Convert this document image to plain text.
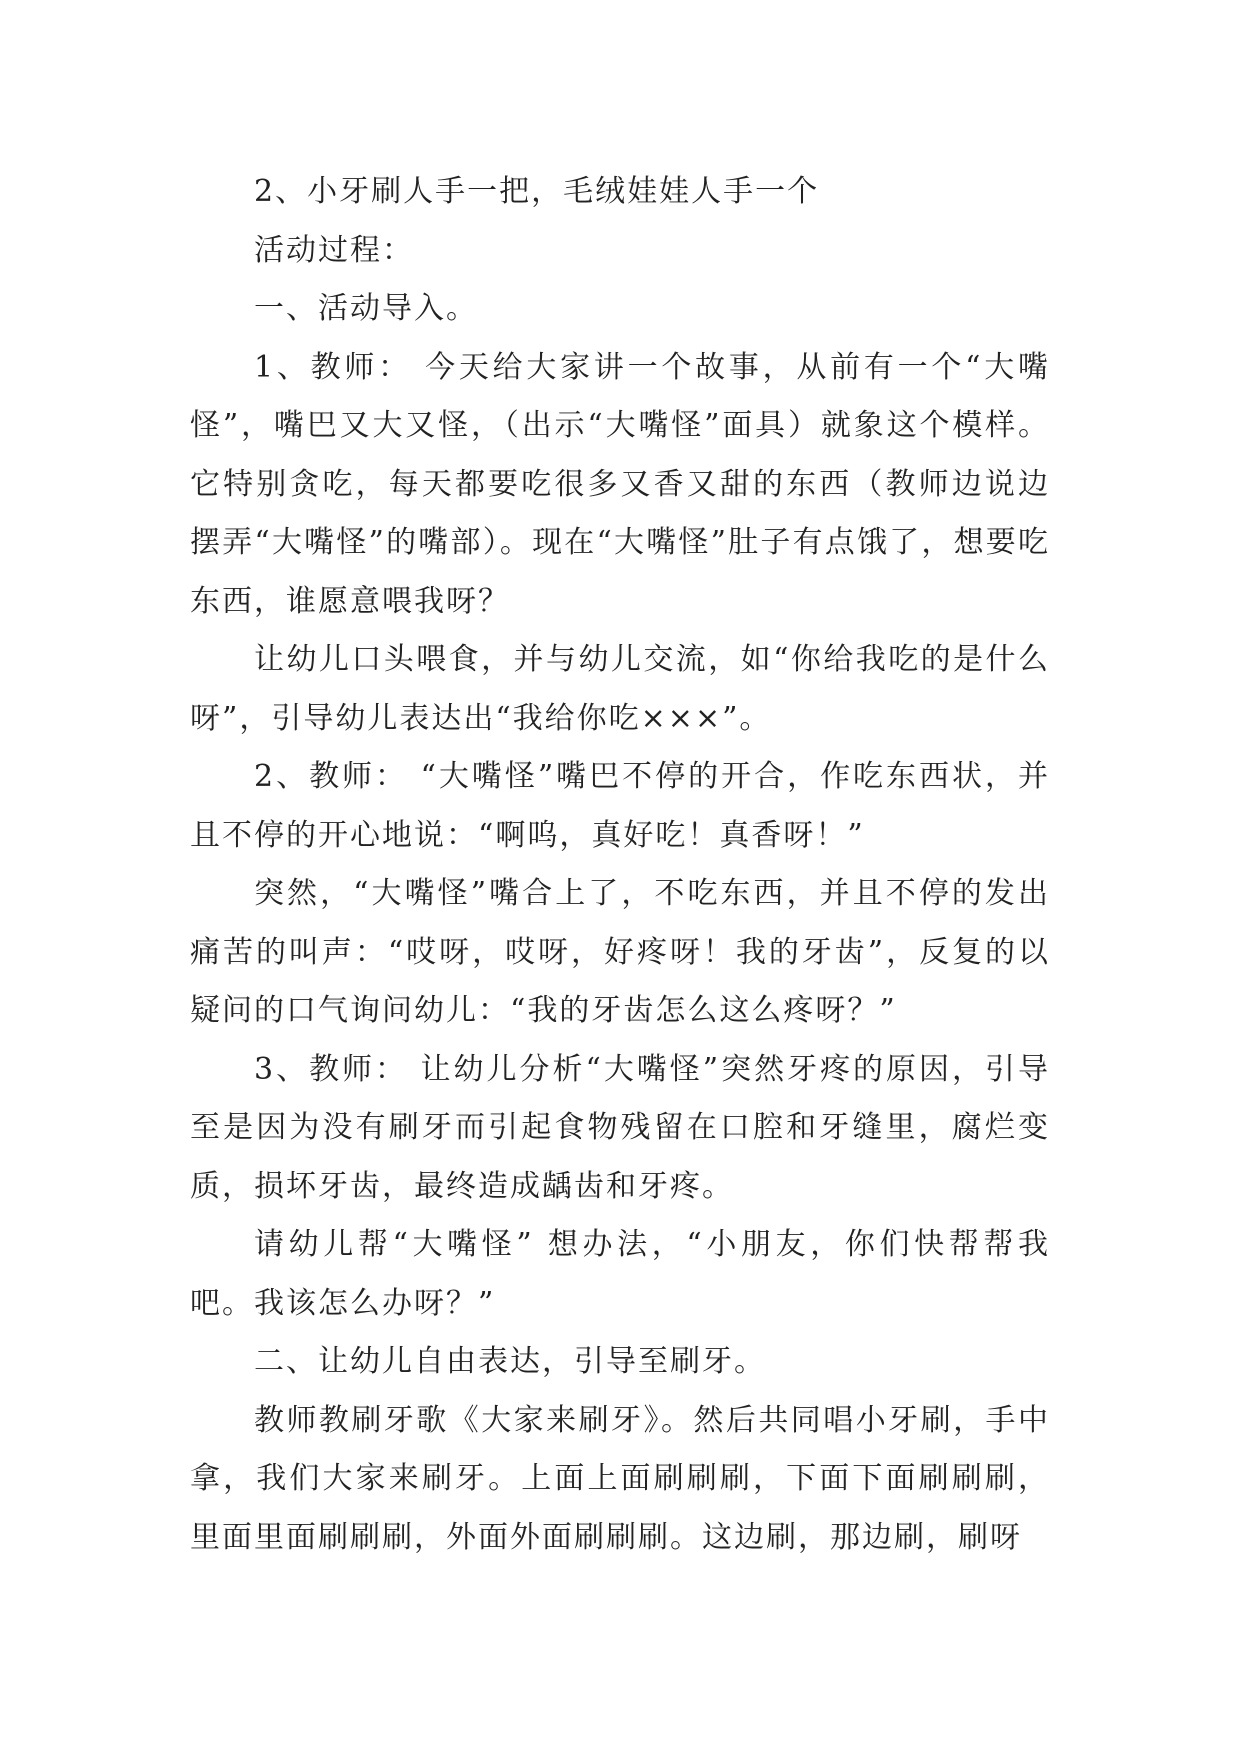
2、小牙刷人手一把，毛绒娃娃人手一个

活动过程：

一、活动导入。

1、教师： 今天给大家讲一个故事，从前有一个“大嘴怪”，嘴巴又大又怪，（出示“大嘴怪”面具）就象这个模样。它特别贪吃，每天都要吃很多又香又甜的东西（教师边说边摆弄“大嘴怪”的嘴部）。现在“大嘴怪”肚子有点饿了，想要吃东西，谁愿意喂我呀？

让幼儿口头喂食，并与幼儿交流，如“你给我吃的是什么呀”，引导幼儿表达出“我给你吃×××”。

2、教师： “大嘴怪”嘴巴不停的开合，作吃东西状，并且不停的开心地说：“啊呜，真好吃！真香呀！”

突然，“大嘴怪”嘴合上了，不吃东西，并且不停的发出痛苦的叫声：“哎呀，哎呀，好疼呀！我的牙齿”，反复的以疑问的口气询问幼儿：“我的牙齿怎么这么疼呀？”

3、教师： 让幼儿分析“大嘴怪”突然牙疼的原因，引导至是因为没有刷牙而引起食物残留在口腔和牙缝里，腐烂变质，损坏牙齿，最终造成龋齿和牙疼。

请幼儿帮“大嘴怪” 想办法，“小朋友，你们快帮帮我吧。我该怎么办呀？”

二、让幼儿自由表达，引导至刷牙。

教师教刷牙歌《大家来刷牙》。然后共同唱小牙刷，手中拿，我们大家来刷牙。上面上面刷刷刷，下面下面刷刷刷，里面里面刷刷刷，外面外面刷刷刷。这边刷，那边刷，刷呀
